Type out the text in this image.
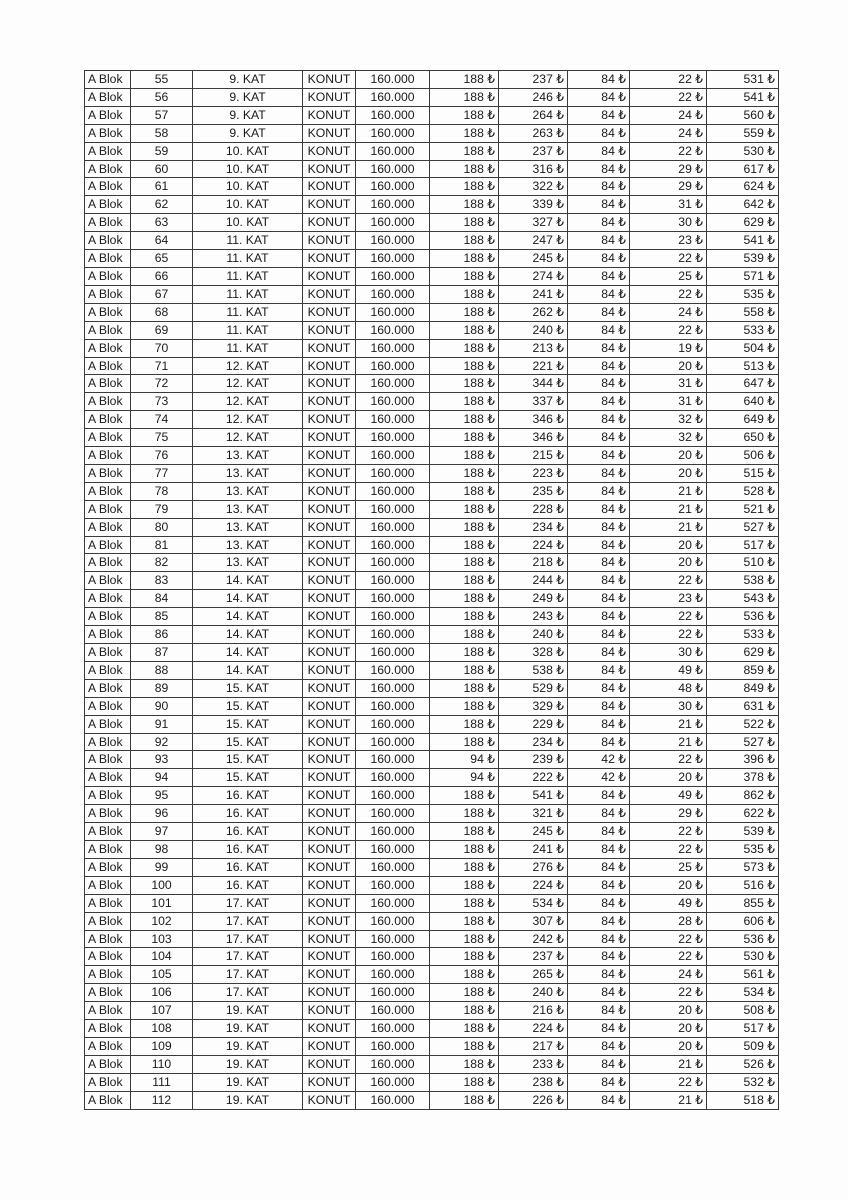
A Blok	55	9. KAT	KONUT	160.000	188 ₺	237 ₺	84 ₺	22 ₺	531 ₺
A Blok	56	9. KAT	KONUT	160.000	188 ₺	246 ₺	84 ₺	22 ₺	541 ₺
A Blok	57	9. KAT	KONUT	160.000	188 ₺	264 ₺	84 ₺	24 ₺	560 ₺
A Blok	58	9. KAT	KONUT	160.000	188 ₺	263 ₺	84 ₺	24 ₺	559 ₺
A Blok	59	10. KAT	KONUT	160.000	188 ₺	237 ₺	84 ₺	22 ₺	530 ₺
A Blok	60	10. KAT	KONUT	160.000	188 ₺	316 ₺	84 ₺	29 ₺	617 ₺
A Blok	61	10. KAT	KONUT	160.000	188 ₺	322 ₺	84 ₺	29 ₺	624 ₺
A Blok	62	10. KAT	KONUT	160.000	188 ₺	339 ₺	84 ₺	31 ₺	642 ₺
A Blok	63	10. KAT	KONUT	160.000	188 ₺	327 ₺	84 ₺	30 ₺	629 ₺
A Blok	64	11. KAT	KONUT	160.000	188 ₺	247 ₺	84 ₺	23 ₺	541 ₺
A Blok	65	11. KAT	KONUT	160.000	188 ₺	245 ₺	84 ₺	22 ₺	539 ₺
A Blok	66	11. KAT	KONUT	160.000	188 ₺	274 ₺	84 ₺	25 ₺	571 ₺
A Blok	67	11. KAT	KONUT	160.000	188 ₺	241 ₺	84 ₺	22 ₺	535 ₺
A Blok	68	11. KAT	KONUT	160.000	188 ₺	262 ₺	84 ₺	24 ₺	558 ₺
A Blok	69	11. KAT	KONUT	160.000	188 ₺	240 ₺	84 ₺	22 ₺	533 ₺
A Blok	70	11. KAT	KONUT	160.000	188 ₺	213 ₺	84 ₺	19 ₺	504 ₺
A Blok	71	12. KAT	KONUT	160.000	188 ₺	221 ₺	84 ₺	20 ₺	513 ₺
A Blok	72	12. KAT	KONUT	160.000	188 ₺	344 ₺	84 ₺	31 ₺	647 ₺
A Blok	73	12. KAT	KONUT	160.000	188 ₺	337 ₺	84 ₺	31 ₺	640 ₺
A Blok	74	12. KAT	KONUT	160.000	188 ₺	346 ₺	84 ₺	32 ₺	649 ₺
A Blok	75	12. KAT	KONUT	160.000	188 ₺	346 ₺	84 ₺	32 ₺	650 ₺
A Blok	76	13. KAT	KONUT	160.000	188 ₺	215 ₺	84 ₺	20 ₺	506 ₺
A Blok	77	13. KAT	KONUT	160.000	188 ₺	223 ₺	84 ₺	20 ₺	515 ₺
A Blok	78	13. KAT	KONUT	160.000	188 ₺	235 ₺	84 ₺	21 ₺	528 ₺
A Blok	79	13. KAT	KONUT	160.000	188 ₺	228 ₺	84 ₺	21 ₺	521 ₺
A Blok	80	13. KAT	KONUT	160.000	188 ₺	234 ₺	84 ₺	21 ₺	527 ₺
A Blok	81	13. KAT	KONUT	160.000	188 ₺	224 ₺	84 ₺	20 ₺	517 ₺
A Blok	82	13. KAT	KONUT	160.000	188 ₺	218 ₺	84 ₺	20 ₺	510 ₺
A Blok	83	14. KAT	KONUT	160.000	188 ₺	244 ₺	84 ₺	22 ₺	538 ₺
A Blok	84	14. KAT	KONUT	160.000	188 ₺	249 ₺	84 ₺	23 ₺	543 ₺
A Blok	85	14. KAT	KONUT	160.000	188 ₺	243 ₺	84 ₺	22 ₺	536 ₺
A Blok	86	14. KAT	KONUT	160.000	188 ₺	240 ₺	84 ₺	22 ₺	533 ₺
A Blok	87	14. KAT	KONUT	160.000	188 ₺	328 ₺	84 ₺	30 ₺	629 ₺
A Blok	88	14. KAT	KONUT	160.000	188 ₺	538 ₺	84 ₺	49 ₺	859 ₺
A Blok	89	15. KAT	KONUT	160.000	188 ₺	529 ₺	84 ₺	48 ₺	849 ₺
A Blok	90	15. KAT	KONUT	160.000	188 ₺	329 ₺	84 ₺	30 ₺	631 ₺
A Blok	91	15. KAT	KONUT	160.000	188 ₺	229 ₺	84 ₺	21 ₺	522 ₺
A Blok	92	15. KAT	KONUT	160.000	188 ₺	234 ₺	84 ₺	21 ₺	527 ₺
A Blok	93	15. KAT	KONUT	160.000	94 ₺	239 ₺	42 ₺	22 ₺	396 ₺
A Blok	94	15. KAT	KONUT	160.000	94 ₺	222 ₺	42 ₺	20 ₺	378 ₺
A Blok	95	16. KAT	KONUT	160.000	188 ₺	541 ₺	84 ₺	49 ₺	862 ₺
A Blok	96	16. KAT	KONUT	160.000	188 ₺	321 ₺	84 ₺	29 ₺	622 ₺
A Blok	97	16. KAT	KONUT	160.000	188 ₺	245 ₺	84 ₺	22 ₺	539 ₺
A Blok	98	16. KAT	KONUT	160.000	188 ₺	241 ₺	84 ₺	22 ₺	535 ₺
A Blok	99	16. KAT	KONUT	160.000	188 ₺	276 ₺	84 ₺	25 ₺	573 ₺
A Blok	100	16. KAT	KONUT	160.000	188 ₺	224 ₺	84 ₺	20 ₺	516 ₺
A Blok	101	17. KAT	KONUT	160.000	188 ₺	534 ₺	84 ₺	49 ₺	855 ₺
A Blok	102	17. KAT	KONUT	160.000	188 ₺	307 ₺	84 ₺	28 ₺	606 ₺
A Blok	103	17. KAT	KONUT	160.000	188 ₺	242 ₺	84 ₺	22 ₺	536 ₺
A Blok	104	17. KAT	KONUT	160.000	188 ₺	237 ₺	84 ₺	22 ₺	530 ₺
A Blok	105	17. KAT	KONUT	160.000	188 ₺	265 ₺	84 ₺	24 ₺	561 ₺
A Blok	106	17. KAT	KONUT	160.000	188 ₺	240 ₺	84 ₺	22 ₺	534 ₺
A Blok	107	19. KAT	KONUT	160.000	188 ₺	216 ₺	84 ₺	20 ₺	508 ₺
A Blok	108	19. KAT	KONUT	160.000	188 ₺	224 ₺	84 ₺	20 ₺	517 ₺
A Blok	109	19. KAT	KONUT	160.000	188 ₺	217 ₺	84 ₺	20 ₺	509 ₺
A Blok	110	19. KAT	KONUT	160.000	188 ₺	233 ₺	84 ₺	21 ₺	526 ₺
A Blok	111	19. KAT	KONUT	160.000	188 ₺	238 ₺	84 ₺	22 ₺	532 ₺
A Blok	112	19. KAT	KONUT	160.000	188 ₺	226 ₺	84 ₺	21 ₺	518 ₺
